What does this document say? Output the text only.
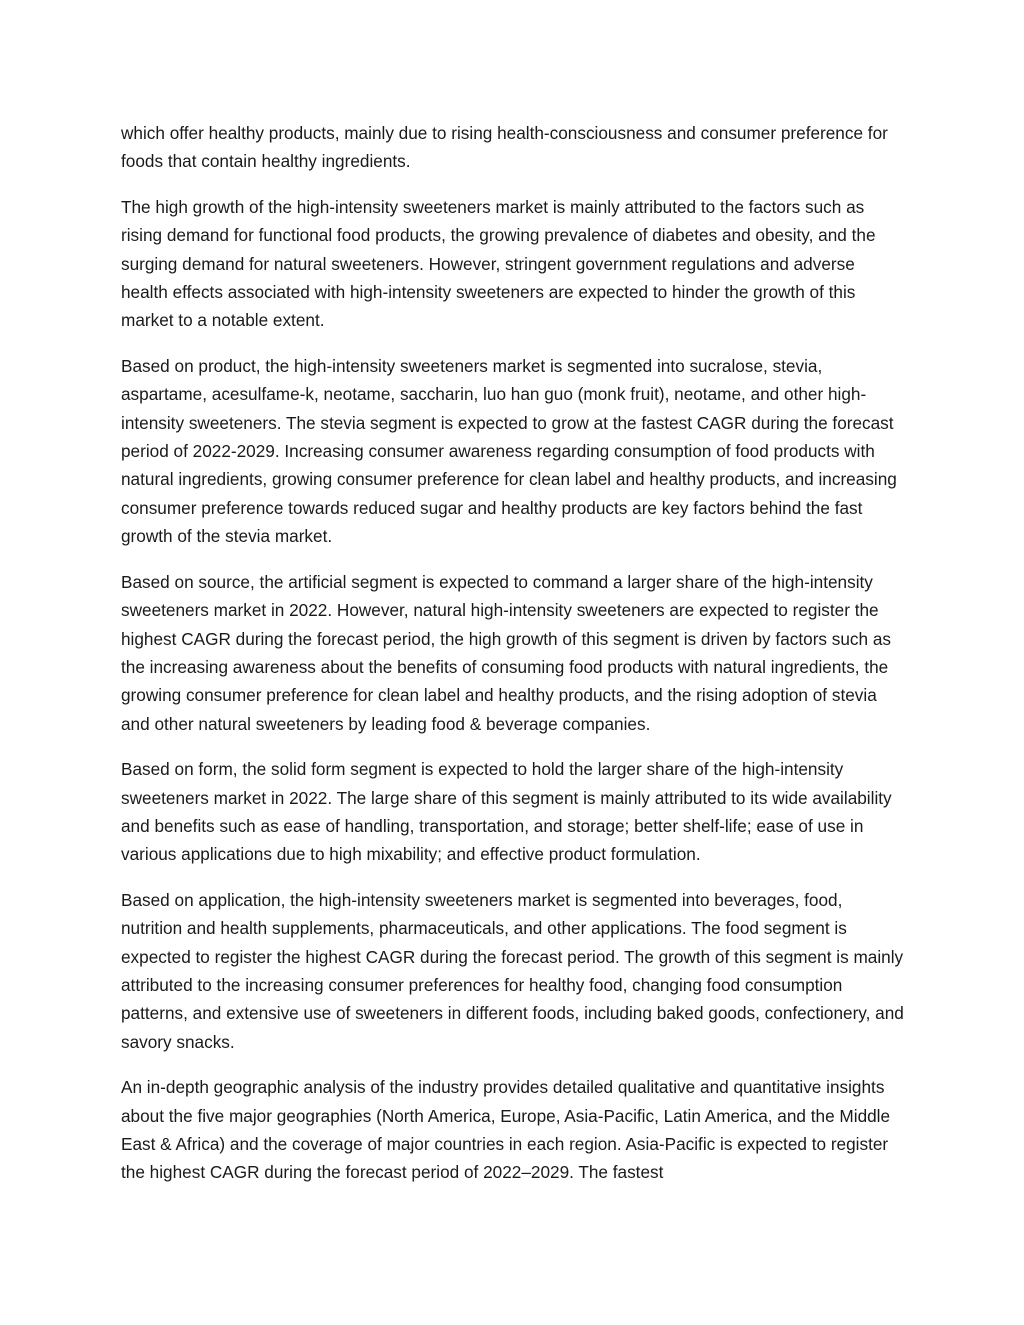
which offer healthy products, mainly due to rising health-consciousness and consumer preference for foods that contain healthy ingredients.

The high growth of the high-intensity sweeteners market is mainly attributed to the factors such as rising demand for functional food products, the growing prevalence of diabetes and obesity, and the surging demand for natural sweeteners. However, stringent government regulations and adverse health effects associated with high-intensity sweeteners are expected to hinder the growth of this market to a notable extent.

Based on product, the high-intensity sweeteners market is segmented into sucralose, stevia, aspartame, acesulfame-k, neotame, saccharin, luo han guo (monk fruit), neotame, and other high-intensity sweeteners. The stevia segment is expected to grow at the fastest CAGR during the forecast period of 2022-2029. Increasing consumer awareness regarding consumption of food products with natural ingredients, growing consumer preference for clean label and healthy products, and increasing consumer preference towards reduced sugar and healthy products are key factors behind the fast growth of the stevia market.

Based on source, the artificial segment is expected to command a larger share of the high-intensity sweeteners market in 2022. However, natural high-intensity sweeteners are expected to register the highest CAGR during the forecast period, the high growth of this segment is driven by factors such as the increasing awareness about the benefits of consuming food products with natural ingredients, the growing consumer preference for clean label and healthy products, and the rising adoption of stevia and other natural sweeteners by leading food & beverage companies.

Based on form, the solid form segment is expected to hold the larger share of the high-intensity sweeteners market in 2022. The large share of this segment is mainly attributed to its wide availability and benefits such as ease of handling, transportation, and storage; better shelf-life; ease of use in various applications due to high mixability; and effective product formulation.

Based on application, the high-intensity sweeteners market is segmented into beverages, food, nutrition and health supplements, pharmaceuticals, and other applications. The food segment is expected to register the highest CAGR during the forecast period. The growth of this segment is mainly attributed to the increasing consumer preferences for healthy food, changing food consumption patterns, and extensive use of sweeteners in different foods, including baked goods, confectionery, and savory snacks.

An in-depth geographic analysis of the industry provides detailed qualitative and quantitative insights about the five major geographies (North America, Europe, Asia-Pacific, Latin America, and the Middle East & Africa) and the coverage of major countries in each region. Asia-Pacific is expected to register the highest CAGR during the forecast period of 2022–2029. The fastest
